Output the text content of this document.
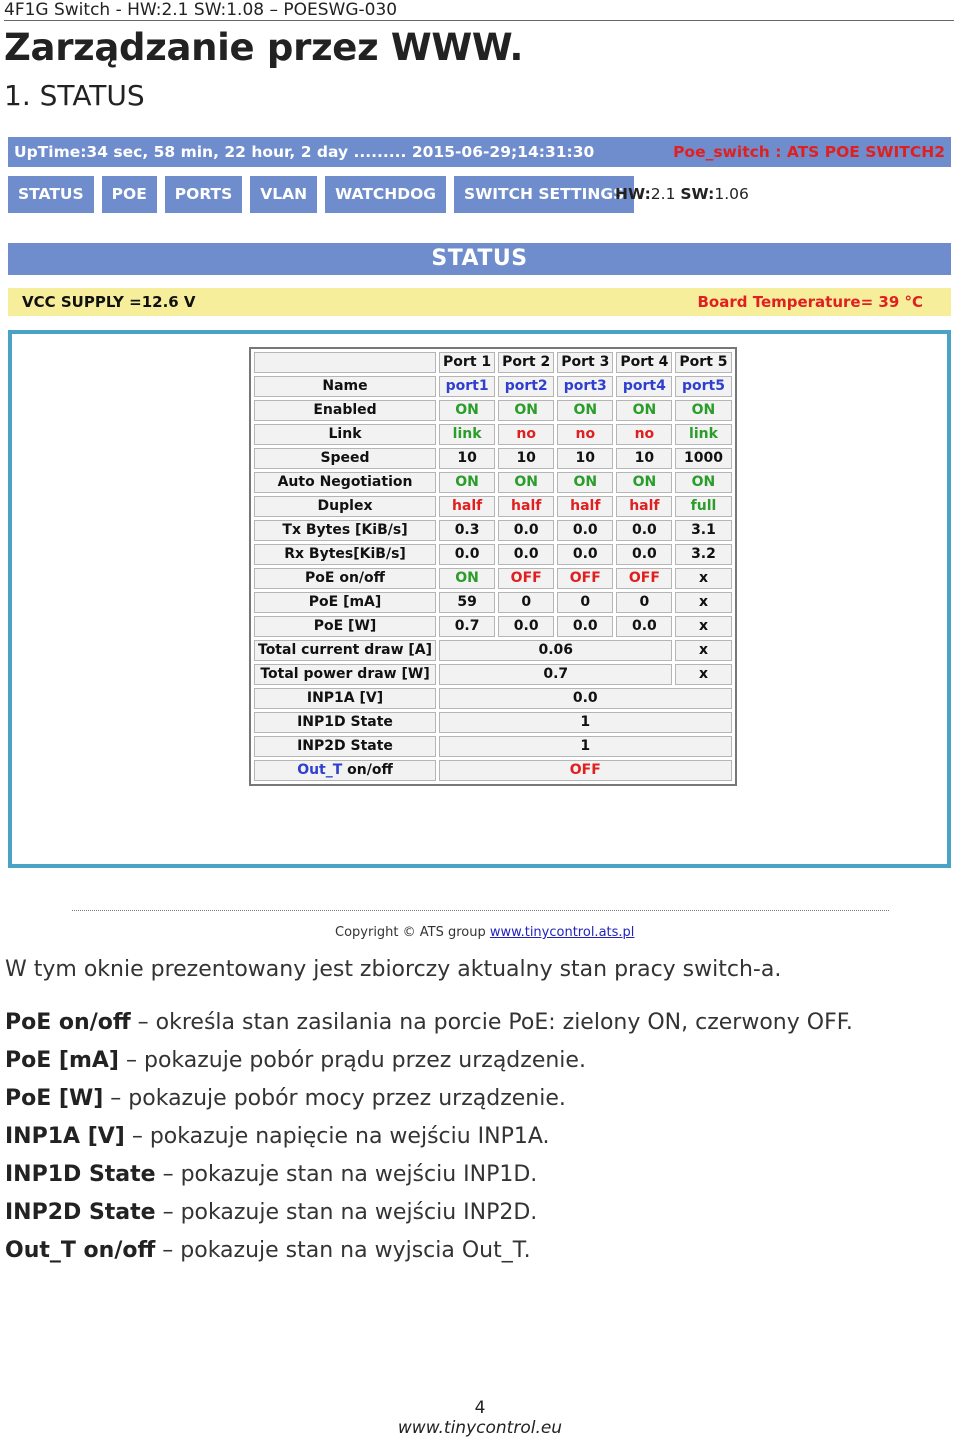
4F1G Switch - HW:2.1 SW:1.08 – POESWG-030
Zarządzanie przez WWW.
1. STATUS
UpTime:34 sec, 58 min, 22 hour, 2 day ......... 2015-06-29;14:31:30	Poe_switch : ATS POE SWITCH2
STATUS	POE	PORTS	VLAN	WATCHDOG	SWITCH SETTINGS
HW:2.1 SW:1.06
STATUS
VCC SUPPLY =12.6 V	Board Temperature= 39 °C
	Port 1	Port 2	Port 3	Port 4	Port 5
Name	port1	port2	port3	port4	port5
Enabled	ON	ON	ON	ON	ON
Link	link	no	no	no	link
Speed	10	10	10	10	1000
Auto Negotiation	ON	ON	ON	ON	ON
Duplex	half	half	half	half	full
Tx Bytes [KiB/s]	0.3	0.0	0.0	0.0	3.1
Rx Bytes[KiB/s]	0.0	0.0	0.0	0.0	3.2
PoE on/off	ON	OFF	OFF	OFF	x
PoE [mA]	59	0	0	0	x
PoE [W]	0.7	0.0	0.0	0.0	x
Total current draw [A]	0.06				x
Total power draw [W]	0.7				x
INP1A [V]	0.0				
INP1D State	1				
INP2D State	1				
Out_T on/off	OFF				
Copyright © ATS group www.tinycontrol.ats.pl
W tym oknie prezentowany jest zbiorczy aktualny stan pracy switch-a.
PoE on/off – określa stan zasilania na porcie PoE: zielony ON, czerwony OFF.
PoE [mA] – pokazuje pobór prądu przez urządzenie.
PoE [W] – pokazuje pobór mocy przez urządzenie.
INP1A [V] – pokazuje napięcie na wejściu INP1A.
INP1D State – pokazuje stan na wejściu INP1D.
INP2D State – pokazuje stan na wejściu INP2D.
Out_T on/off – pokazuje stan na wyjscia Out_T.
4
www.tinycontrol.eu
